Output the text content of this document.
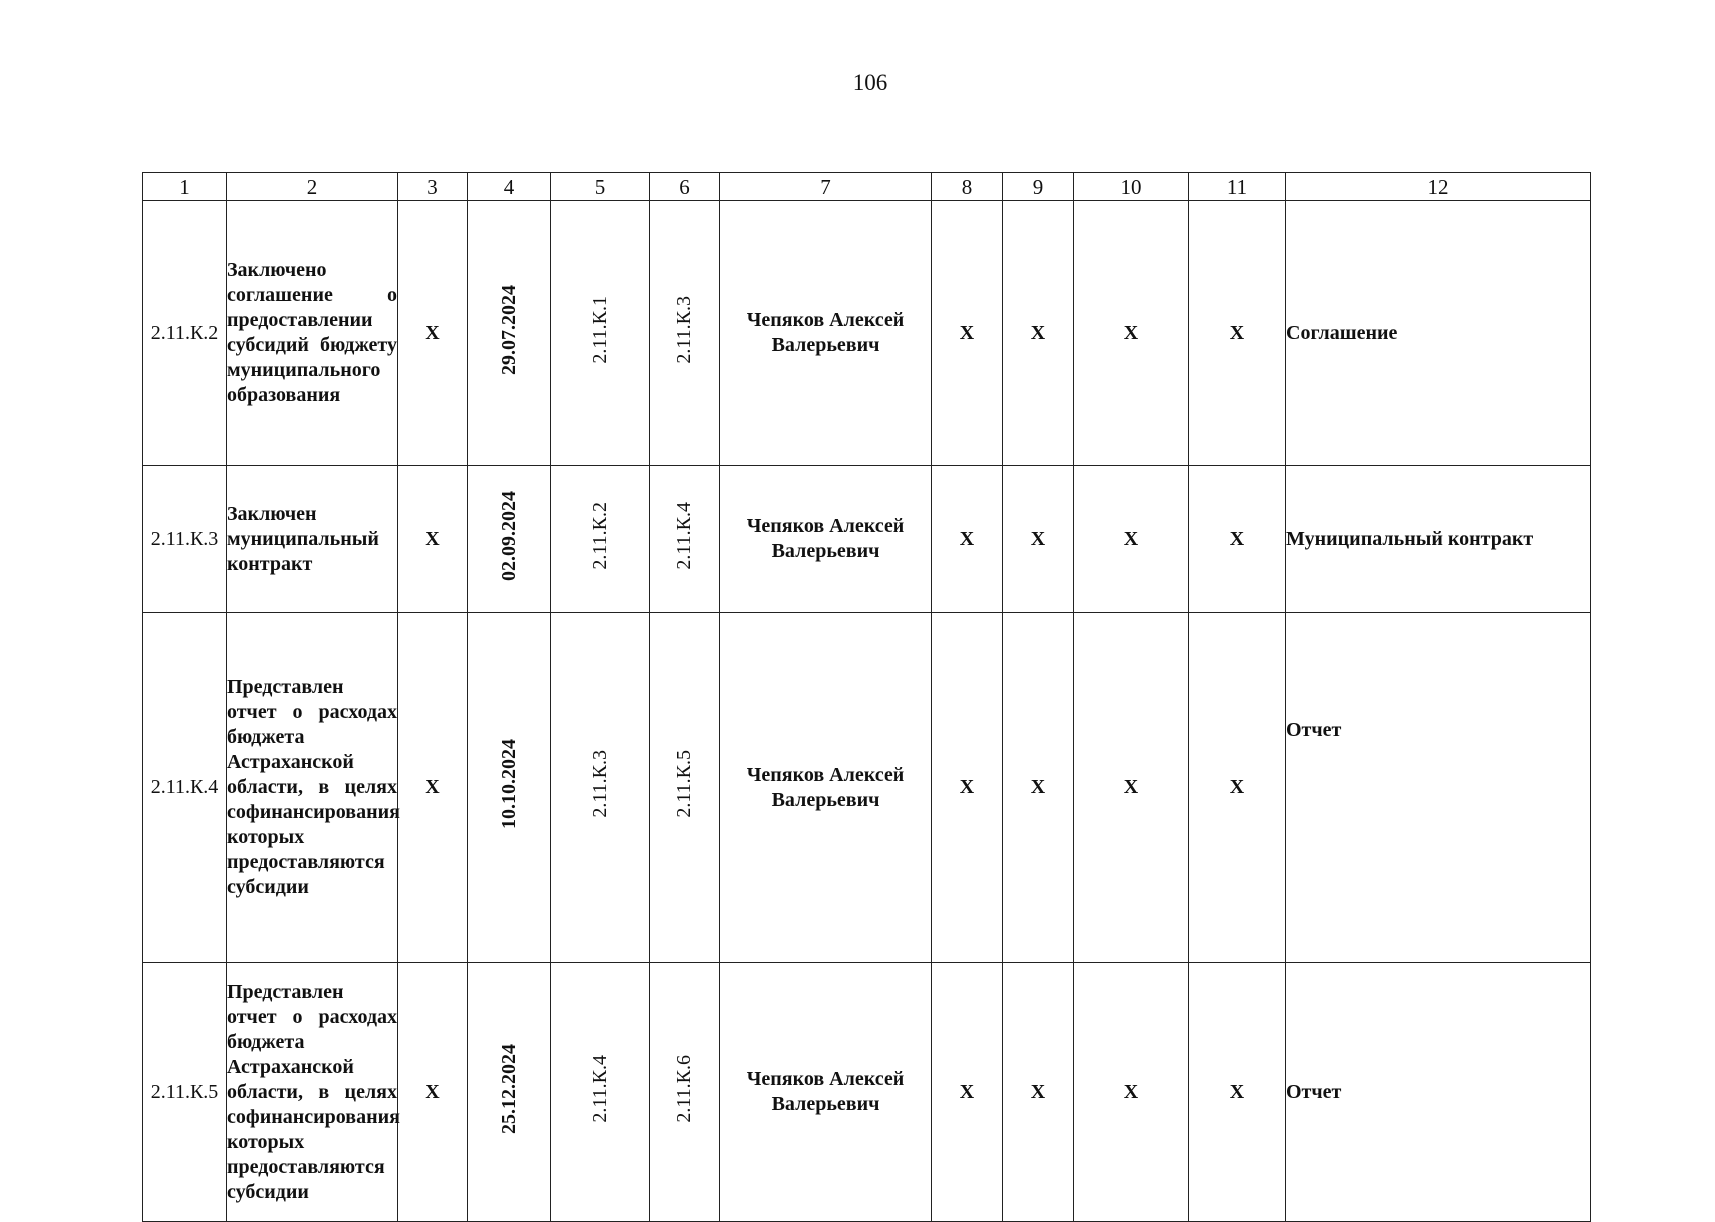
106
1	2	3	4	5	6	7	8	9	10	11	12
2.11.К.2	Заключено соглашение о предоставлении субсидий бюджету муниципального образования	X	29.07.2024	2.11.К.1	2.11.К.3	Чепяков Алексей Валерьевич	X	X	X	X	Соглашение
2.11.К.3	Заключен муниципальный контракт	X	02.09.2024	2.11.К.2	2.11.К.4	Чепяков Алексей Валерьевич	X	X	X	X	Муниципальный контракт
2.11.К.4	Представлен отчет о расходах бюджета Астраханской области, в целях софинансирования которых предоставляются субсидии	X	10.10.2024	2.11.К.3	2.11.К.5	Чепяков Алексей Валерьевич	X	X	X	X	Отчет
2.11.К.5	Представлен отчет о расходах бюджета Астраханской области, в целях софинансирования которых предоставляются субсидии	X	25.12.2024	2.11.К.4	2.11.К.6	Чепяков Алексей Валерьевич	X	X	X	X	Отчет
